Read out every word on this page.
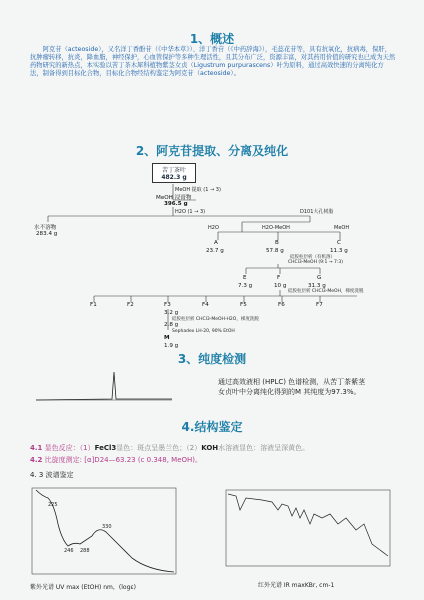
1、概述
阿克苷（acteoside），又名洋丁香酚苷（《中华本草》）、洋丁香苷（《中药辞海》），毛蕊花苷等，具有抗氧化，抗病毒，保肝，抗肿瘤转移，抗炎，降血脂，神经保护，心血管保护等多种生理活性，且其分布广泛，资源丰富，对其药用价值的研究也已成为天然药物研究的新热点，本实验以苦丁茶木犀科植物紫茎女贞（Ligustrum purpurascens）叶为原料，通过高效快速的分离纯化方法，制备得到目标化合物，目标化合物经结构鉴定为阿克苷（acteoside）。
2、阿克苷提取、分离及纯化
苦丁茶叶
482.3 g
MeOH 提取 (1 → 3)
MeOH 浸膏物
396.5 g
H2O (1 → 3)	D101大孔树脂
水不溶物
283.4 g
H2O	H2O-MeOH	MeOH
A
23.7 g
B
57.8 g
C
11.3 g
硅胶柱层析（有机溶）
CHCl3-MeOH (9:1 → 7:3)
E
7.3 g
F
10 g
G
31.3 g
硅胶柱层析 CHCl3-MeOH，梯度洗脱
F1	F2	F3	F4	F5	F6	F7
3.2 g
硅胶柱层析 CHCl3-MeOH-H2O，梯度洗脱
2.8 g
Sephadex LH-20, 90% EtOH
M
1.9 g
3、纯度检测
通过高效液相 (HPLC) 色谱检测，从苦丁茶紫茎女贞叶中分离纯化得到的M 其纯度为97.3%。
4.结构鉴定
4.1 显色反应：（1）FeCl3显色：斑点呈墨兰色；（2）KOH水溶液显色：溶液呈深黄色。
4.2 比旋度测定: [α]D24—63.23 (c 0.348, MeOH)。
4. 3 波谱鉴定
225
246 288
330
紫外光谱 UV max (EtOH) nm，(logε)	红外光谱 IR maxKBr, cm-1
